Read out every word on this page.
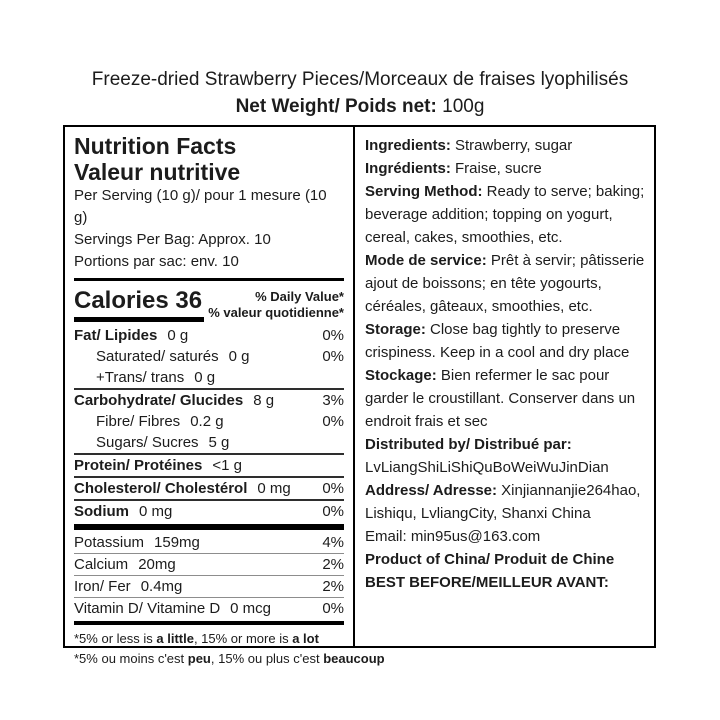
Freeze-dried Strawberry Pieces/Morceaux de fraises lyophilisés
Net Weight/ Poids net: 100g
Nutrition Facts
Valeur nutritive
Per Serving (10 g)/ pour 1 mesure (10 g)
Servings Per Bag: Approx. 10
Portions par sac: env. 10
Calories 36	% Daily Value*
% valeur quotidienne*
Fat/ Lipides 0 g	0%
Saturated/ saturés 0 g	0%
+Trans/ trans 0 g
Carbohydrate/ Glucides 8 g	3%
Fibre/ Fibres 0.2 g	0%
Sugars/ Sucres 5 g
Protein/ Protéines <1 g
Cholesterol/ Cholestérol 0 mg 0%
Sodium 0 mg	0%
Potassium 159mg	4%
Calcium 20mg	2%
Iron/ Fer 0.4mg	2%
Vitamin D/ Vitamine D 0 mcg	0%
*5% or less is a little, 15% or more is a lot
*5% ou moins c'est peu, 15% ou plus c'est beaucoup

Ingredients: Strawberry, sugar

Ingrédients: Fraise, sucre

Serving Method: Ready to serve; baking; beverage addition; topping on yogurt, cereal, cakes, smoothies, etc.

Mode de service: Prêt à servir; pâtisserie ajout de boissons; en tête yogourts, céréales, gâteaux, smoothies, etc.

Storage: Close bag tightly to preserve crispiness. Keep in a cool and dry place

Stockage: Bien refermer le sac pour garder le croustillant. Conserver dans un endroit frais et sec

Distributed by/ Distribué par:

LvLiangShiLiShiQuBoWeiWuJinDian

Address/ Adresse: Xinjiannanjie264hao, Lishiqu, LvliangCity, Shanxi China

Email: min95us@163.com

Product of China/ Produit de Chine

BEST BEFORE/MEILLEUR AVANT:
